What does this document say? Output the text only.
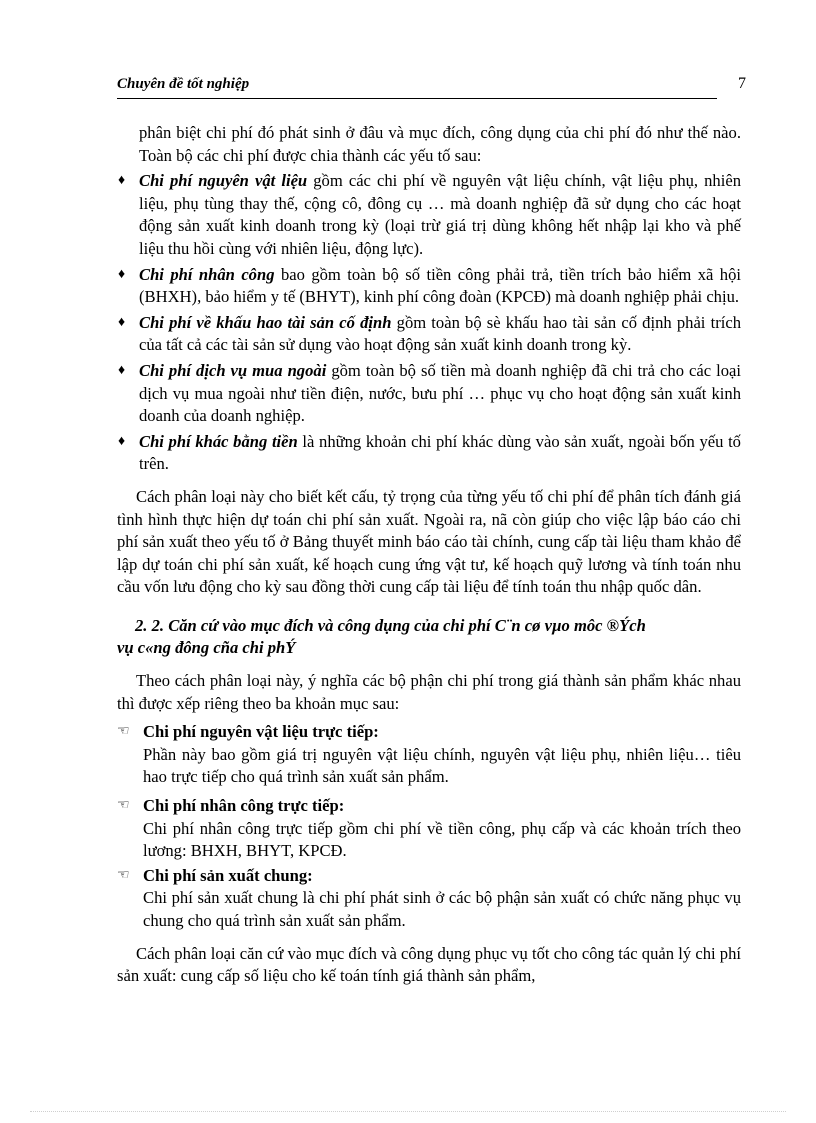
Chuyên đề tốt nghiệp	7

phân biệt chi phí đó phát sinh ở đâu và mục đích, công dụng của chi phí đó như thế nào. Toàn bộ các chi phí được chia thành các yếu tố sau:

♦ Chi phí nguyên vật liệu gồm các chi phí về nguyên vật liệu chính, vật liệu phụ, nhiên liệu, phụ tùng thay thế, cộng cô, đông cụ … mà doanh nghiệp đã sử dụng cho các hoạt động sản xuất kinh doanh trong kỳ (loại trừ giá trị dùng không hết nhập lại kho và phế liệu thu hồi cùng với nhiên liệu, động lực).

♦ Chi phí nhân công bao gồm toàn bộ số tiền công phải trả, tiền trích bảo hiểm xã hội (BHXH), bảo hiểm y tế (BHYT), kinh phí công đoàn (KPCĐ) mà doanh nghiệp phải chịu.

♦ Chi phí về khấu hao tài sản cố định gồm toàn bộ sè khấu hao tài sản cố định phải trích của tất cả các tài sản sử dụng vào hoạt động sản xuất kinh doanh trong kỳ.

♦ Chi phí dịch vụ mua ngoài gồm toàn bộ số tiền mà doanh nghiệp đã chi trả cho các loại dịch vụ mua ngoài như tiền điện, nước, bưu phí … phục vụ cho hoạt động sản xuất kinh doanh của doanh nghiệp.

♦ Chi phí khác bằng tiền là những khoản chi phí khác dùng vào sản xuất, ngoài bốn yếu tố trên.

Cách phân loại này cho biết kết cấu, tỷ trọng của từng yếu tố chi phí để phân tích đánh giá tình hình thực hiện dự toán chi phí sản xuất. Ngoài ra, nã còn giúp cho việc lập báo cáo chi phí sản xuất theo yếu tố ở Bảng thuyết minh báo cáo tài chính, cung cấp tài liệu tham khảo để lập dự toán chi phí sản xuất, kế hoạch cung ứng vật tư, kế hoạch quỹ lương và tính toán nhu cầu vốn lưu động cho kỳ sau đồng thời cung cấp tài liệu để tính toán thu nhập quốc dân.

2. 2. Căn cứ vào mục đích và công dụng của chi phí C¨n cø vµo môc ®Ých
vụ c«ng đông cña chi phÝ

Theo cách phân loại này, ý nghĩa các bộ phận chi phí trong giá thành sản phẩm khác nhau thì được xếp riêng theo ba khoản mục sau:

☜ Chi phí nguyên vật liệu trực tiếp:

Phần này bao gồm giá trị nguyên vật liệu chính, nguyên vật liệu phụ, nhiên liệu… tiêu hao trực tiếp cho quá trình sản xuất sản phẩm.

☜ Chi phí nhân công trực tiếp:

Chi phí nhân công trực tiếp gồm chi phí về tiền công, phụ cấp và các khoản trích theo lương: BHXH, BHYT, KPCĐ.

☜ Chi phí sản xuất chung:

Chi phí sản xuất chung là chi phí phát sinh ở các bộ phận sản xuất có chức năng phục vụ chung cho quá trình sản xuất sản phẩm.

Cách phân loại căn cứ vào mục đích và công dụng phục vụ tốt cho công tác quản lý chi phí sản xuất: cung cấp số liệu cho kế toán tính giá thành sản phẩm,
